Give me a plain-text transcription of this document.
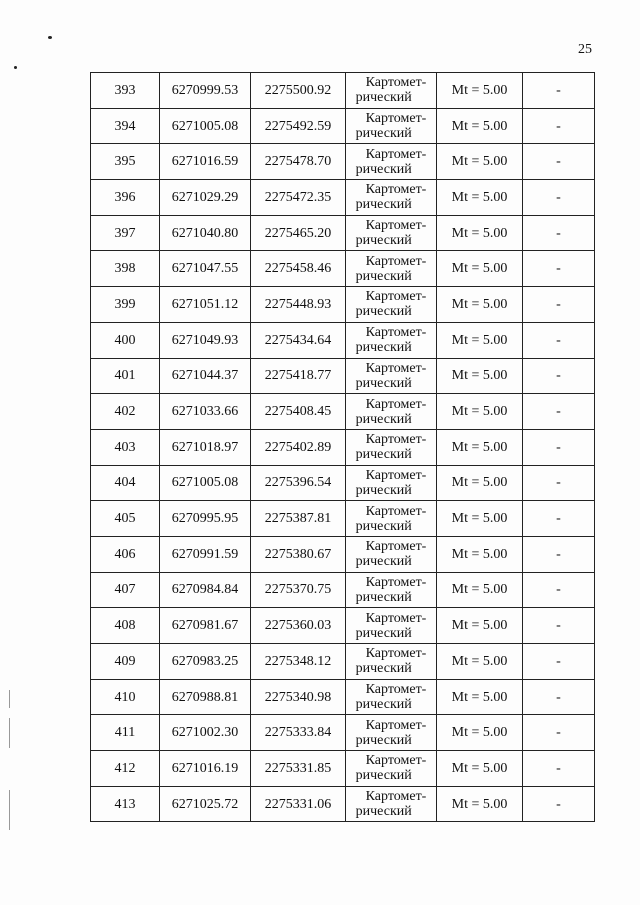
25
393	6270999.53	2275500.92	Картомет-
рический	Mt = 5.00	-
394	6271005.08	2275492.59	Картомет-
рический	Mt = 5.00	-
395	6271016.59	2275478.70	Картомет-
рический	Mt = 5.00	-
396	6271029.29	2275472.35	Картомет-
рический	Mt = 5.00	-
397	6271040.80	2275465.20	Картомет-
рический	Mt = 5.00	-
398	6271047.55	2275458.46	Картомет-
рический	Mt = 5.00	-
399	6271051.12	2275448.93	Картомет-
рический	Mt = 5.00	-
400	6271049.93	2275434.64	Картомет-
рический	Mt = 5.00	-
401	6271044.37	2275418.77	Картомет-
рический	Mt = 5.00	-
402	6271033.66	2275408.45	Картомет-
рический	Mt = 5.00	-
403	6271018.97	2275402.89	Картомет-
рический	Mt = 5.00	-
404	6271005.08	2275396.54	Картомет-
рический	Mt = 5.00	-
405	6270995.95	2275387.81	Картомет-
рический	Mt = 5.00	-
406	6270991.59	2275380.67	Картомет-
рический	Mt = 5.00	-
407	6270984.84	2275370.75	Картомет-
рический	Mt = 5.00	-
408	6270981.67	2275360.03	Картомет-
рический	Mt = 5.00	-
409	6270983.25	2275348.12	Картомет-
рический	Mt = 5.00	-
410	6270988.81	2275340.98	Картомет-
рический	Mt = 5.00	-
411	6271002.30	2275333.84	Картомет-
рический	Mt = 5.00	-
412	6271016.19	2275331.85	Картомет-
рический	Mt = 5.00	-
413	6271025.72	2275331.06	Картомет-
рический	Mt = 5.00	-
